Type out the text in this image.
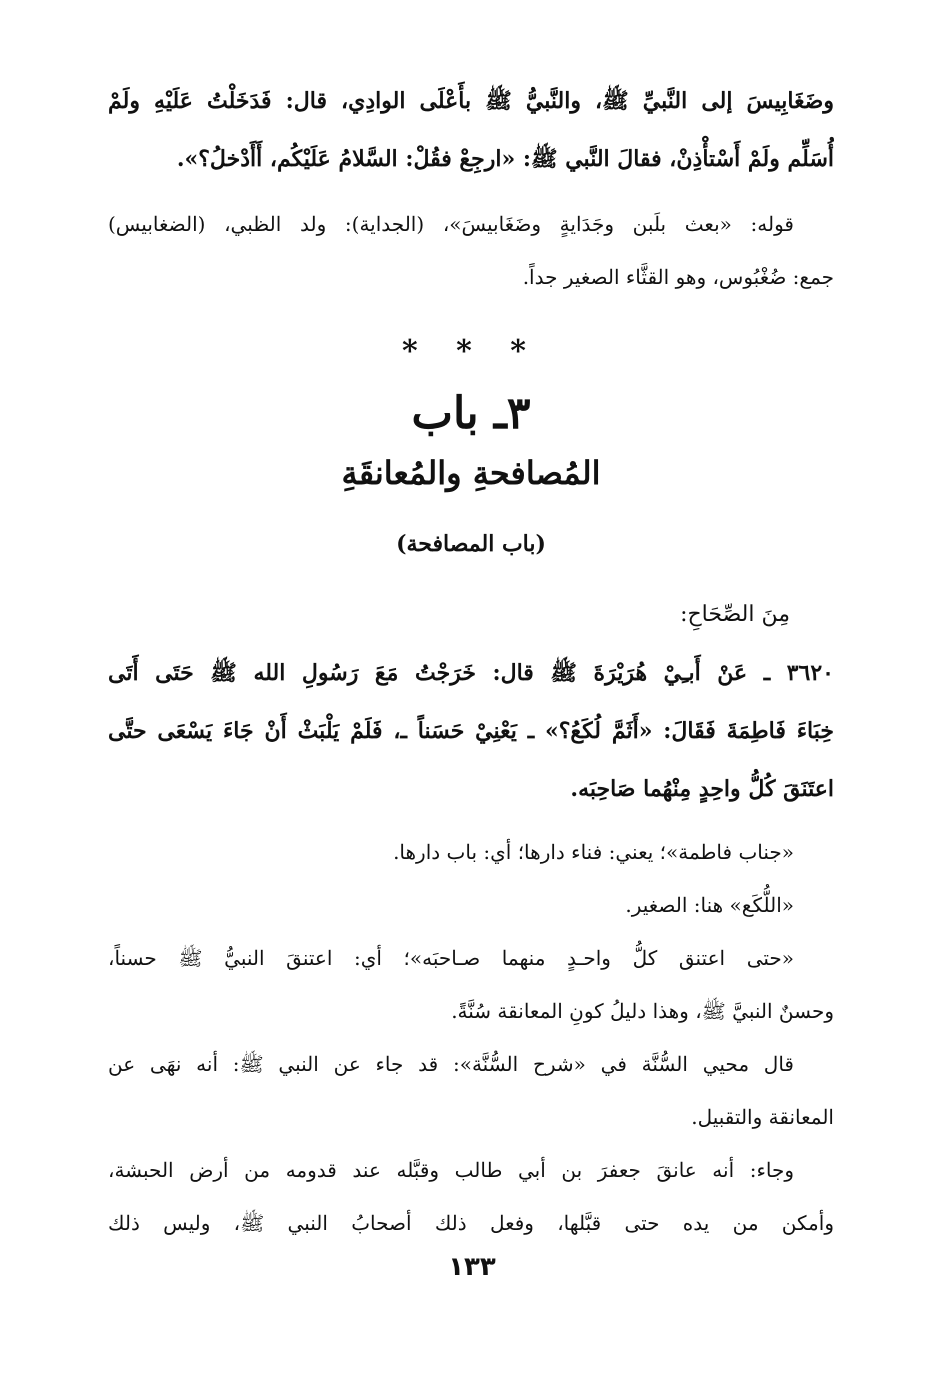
وضَغَابِيسَ إلى النَّبيِّ ﷺ، والنَّبيُّ ﷺ بأَعْلَى الوادِي، قال: فَدَخَلْتُ عَلَيْهِ ولَمْ
أُسَلِّم ولَمْ أَسْتأْذِنْ، فقالَ النَّبي ﷺ: «ارجِعْ فقُلْ: السَّلامُ عَلَيْكُم، أَأَدْخلُ؟».
قوله: «بعث بلَبن وجَدَايةٍ وضَغَابيسَ»، (الجداية): ولد الظبي، (الضغابيس)
جمع: ضُغْبُوس، وهو القثَّاء الصغير جداً.
* * *
٣ـ باب
المُصافحةِ والمُعانقَةِ
(باب المصافحة)
مِنَ الصِّحَاحِ:
٣٦٢٠ ـ عَنْ أَبـِيْ هُرَيْرَةَ ﷺ قال: خَرَجْتُ مَعَ رَسُولِ الله ﷺ حَتَى أَتَى
خِبَاءَ فَاطِمَةَ فَقَالَ: «أَثَمَّ لُكَعُ؟» ـ يَعْنِيْ حَسَناً ـ، فَلَمْ يَلْبَثْ أَنْ جَاءَ يَسْعَى حتَّى
اعتَنَقَ كُلُّ واحِدٍ مِنْهُما صَاحِبَه.
«جناب فاطمة»؛ يعني: فناء دارها؛ أي: باب دارها.
«اللُّكَع» هنا: الصغير.
«حتى اعتنق كلُّ واحـدٍ منهما صـاحبَه»؛ أي: اعتنقَ النبيُّ ﷺ حسناً،
وحسنٌ النبيَّ ﷺ، وهذا دليلُ كونِ المعانقة سُنَّةً.
قال محيي السُّنَّة في «شرح السُّنَّة»: قد جاء عن النبي ﷺ: أنه نهَى عن
المعانقة والتقبيل.
وجاء: أنه عانقَ جعفرَ بن أبي طالب وقبَّله عند قدومه من أرض الحبشة،
وأمكن من يده حتى قبَّلها، وفعل ذلك أصحابُ النبي ﷺ، وليس ذلك
١٣٣
